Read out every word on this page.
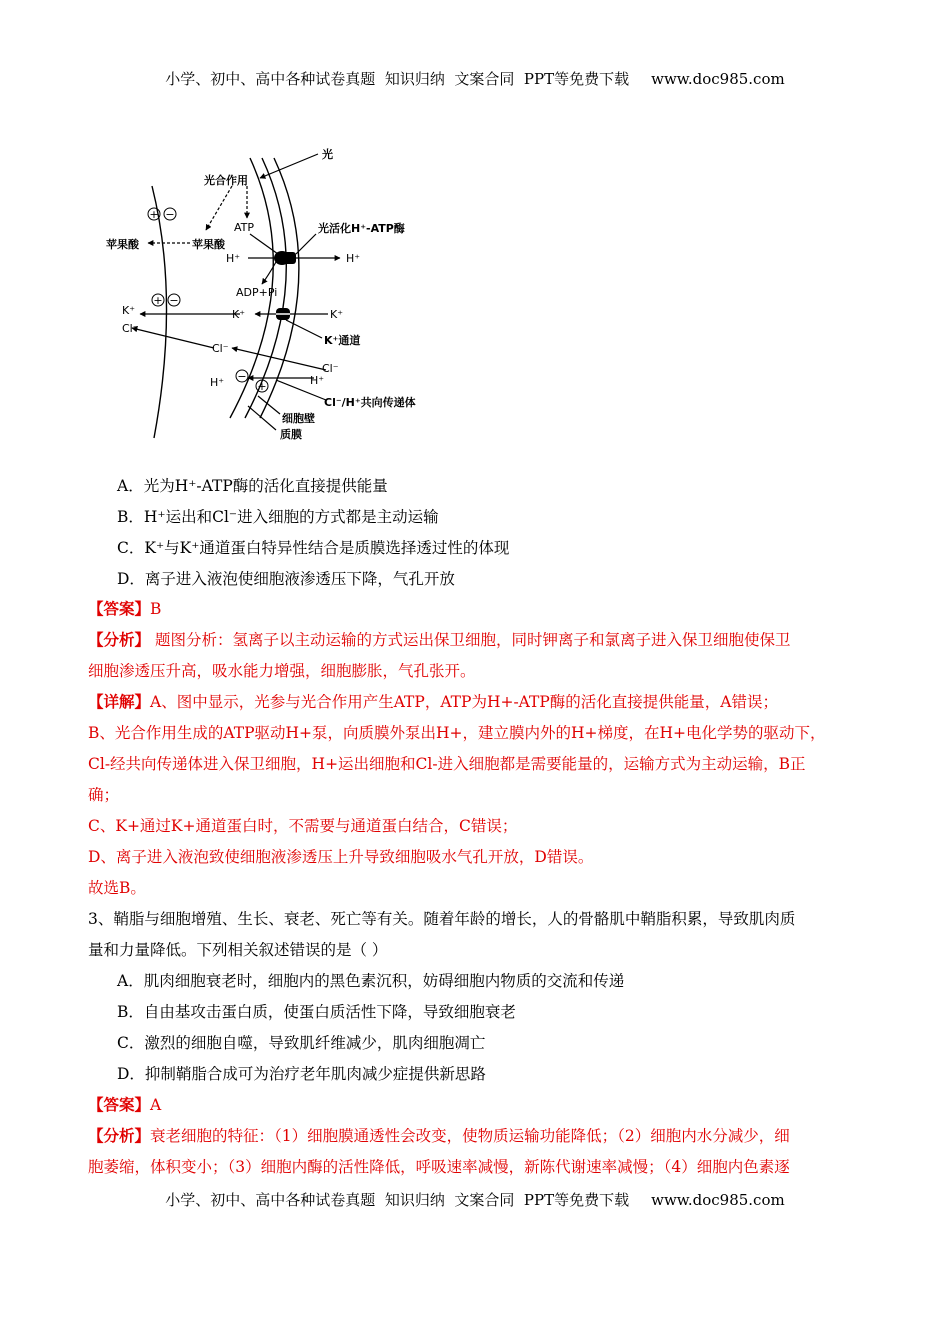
小学、初中、高中各种试卷真题  知识归纳  文案合同  PPT等免费下载 www.doc985.com
+ −
+ −
−
+
光
光合作用
ATP	光活化H⁺-ATP酶
苹果酸	苹果酸
H⁺	H⁺
ADP+Pi
K⁺	K⁺	K⁺
K⁺通道
Cl⁻
Cl⁻
Cl⁻
H⁺	H⁺
Cl⁻/H⁺共向传递体
细胞壁
质膜
A．光为H⁺-ATP酶的活化直接提供能量
B．H⁺运出和Cl⁻进入细胞的方式都是主动运输
C．K⁺与K⁺通道蛋白特异性结合是质膜选择透过性的体现
D．离子进入液泡使细胞液渗透压下降，气孔开放
【答案】B
【分析】 题图分析：氢离子以主动运输的方式运出保卫细胞，同时钾离子和氯离子进入保卫细胞使保卫
细胞渗透压升高，吸水能力增强，细胞膨胀，气孔张开。
【详解】A、图中显示，光参与光合作用产生ATP，ATP为H+-ATP酶的活化直接提供能量，A错误；
B、光合作用生成的ATP驱动H+泵，向质膜外泵出H+，建立膜内外的H+梯度，在H+电化学势的驱动下，
Cl-经共向传递体进入保卫细胞，H+运出细胞和Cl-进入细胞都是需要能量的，运输方式为主动运输，B正
确；
C、K+通过K+通道蛋白时，不需要与通道蛋白结合，C错误；
D、离子进入液泡致使细胞液渗透压上升导致细胞吸水气孔开放，D错误。
故选B。
3、鞘脂与细胞增殖、生长、衰老、死亡等有关。随着年龄的增长，人的骨骼肌中鞘脂积累，导致肌肉质
量和力量降低。下列相关叙述错误的是（ ）
A．肌肉细胞衰老时，细胞内的黑色素沉积，妨碍细胞内物质的交流和传递
B．自由基攻击蛋白质，使蛋白质活性下降，导致细胞衰老
C．激烈的细胞自噬，导致肌纤维减少，肌肉细胞凋亡
D．抑制鞘脂合成可为治疗老年肌肉减少症提供新思路
【答案】A
【分析】衰老细胞的特征：（1）细胞膜通透性会改变，使物质运输功能降低；（2）细胞内水分减少，细
胞萎缩，体积变小；（3）细胞内酶的活性降低，呼吸速率减慢，新陈代谢速率减慢；（4）细胞内色素逐
小学、初中、高中各种试卷真题  知识归纳  文案合同  PPT等免费下载 www.doc985.com
